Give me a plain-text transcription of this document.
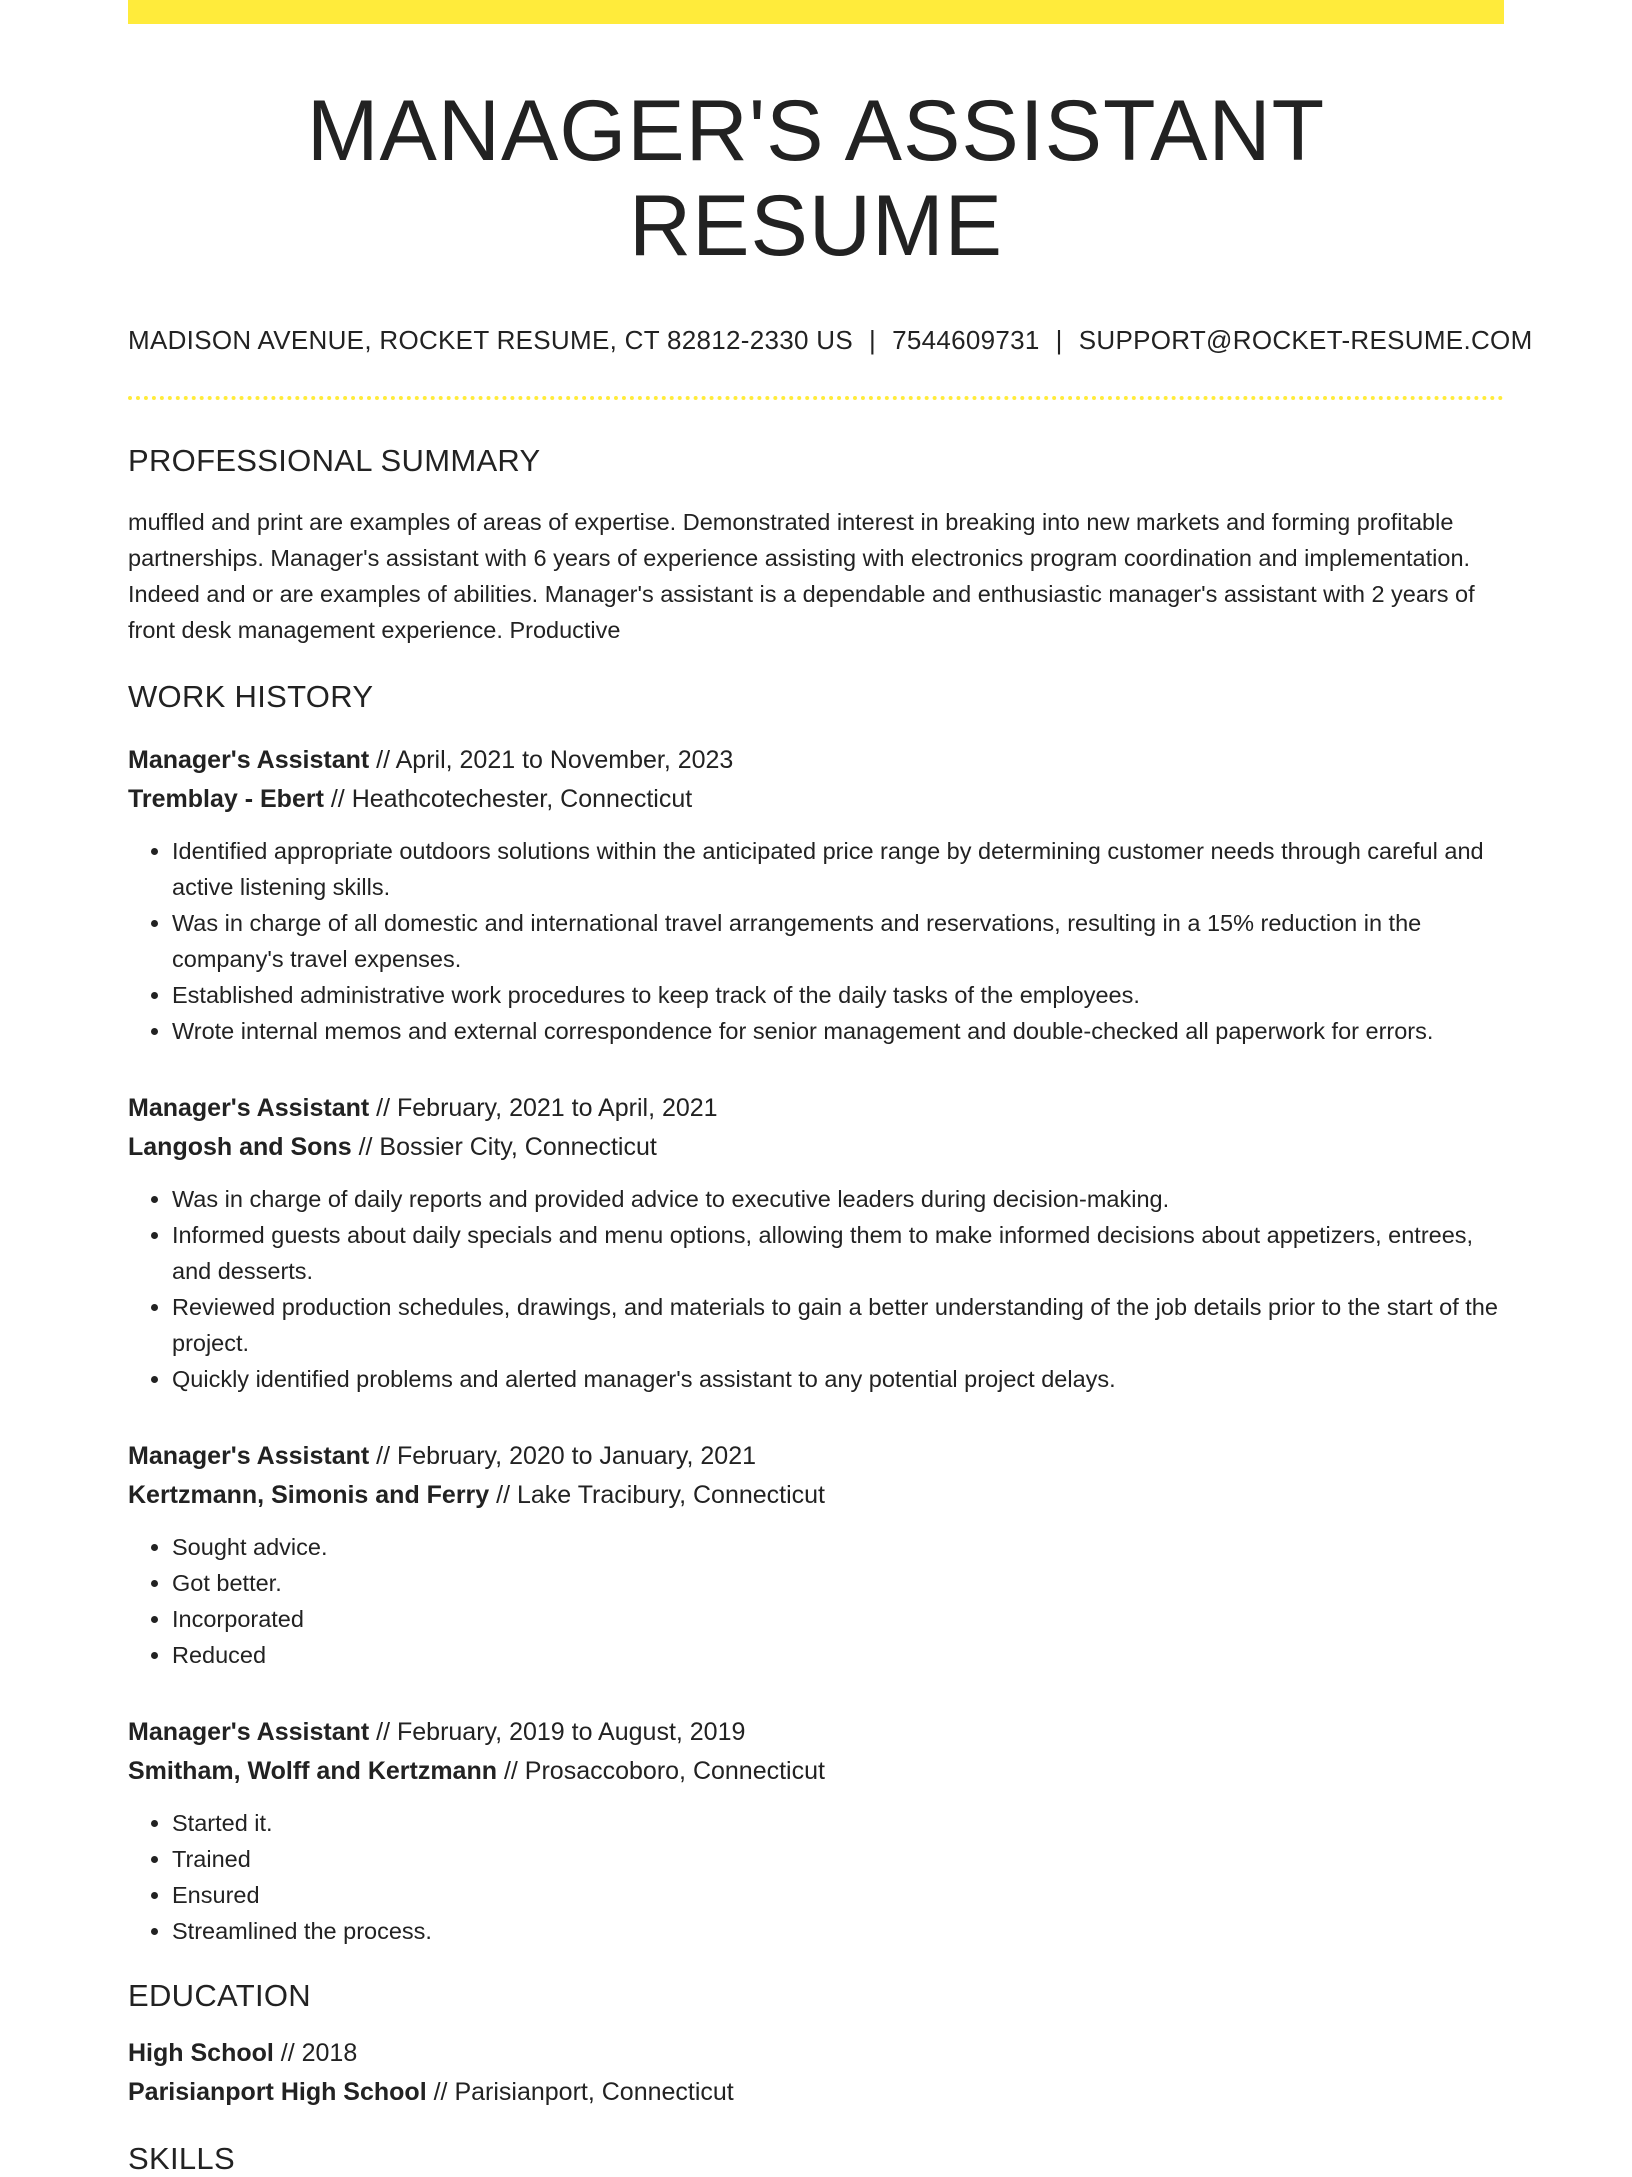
MANAGER'S ASSISTANT RESUME
MADISON AVENUE, ROCKET RESUME, CT 82812-2330 US | 7544609731 | SUPPORT@ROCKET-RESUME.COM
PROFESSIONAL SUMMARY

muffled and print are examples of areas of expertise. Demonstrated interest in breaking into new markets and forming profitable partnerships. Manager's assistant with 6 years of experience assisting with electronics program coordination and implementation. Indeed and or are examples of abilities. Manager's assistant is a dependable and enthusiastic manager's assistant with 2 years of front desk management experience. Productive

WORK HISTORY
Manager's Assistant // April, 2021 to November, 2023
Tremblay - Ebert // Heathcotechester, Connecticut
• Identified appropriate outdoors solutions within the anticipated price range by determining customer needs through careful and active listening skills.
• Was in charge of all domestic and international travel arrangements and reservations, resulting in a 15% reduction in the company's travel expenses.
• Established administrative work procedures to keep track of the daily tasks of the employees.
• Wrote internal memos and external correspondence for senior management and double-checked all paperwork for errors.
Manager's Assistant // February, 2021 to April, 2021
Langosh and Sons // Bossier City, Connecticut
• Was in charge of daily reports and provided advice to executive leaders during decision-making.
• Informed guests about daily specials and menu options, allowing them to make informed decisions about appetizers, entrees, and desserts.
• Reviewed production schedules, drawings, and materials to gain a better understanding of the job details prior to the start of the project.
• Quickly identified problems and alerted manager's assistant to any potential project delays.
Manager's Assistant // February, 2020 to January, 2021
Kertzmann, Simonis and Ferry // Lake Tracibury, Connecticut
• Sought advice.
• Got better.
• Incorporated
• Reduced
Manager's Assistant // February, 2019 to August, 2019
Smitham, Wolff and Kertzmann // Prosaccoboro, Connecticut
• Started it.
• Trained
• Ensured
• Streamlined the process.
EDUCATION
High School // 2018
Parisianport High School // Parisianport, Connecticut
SKILLS
